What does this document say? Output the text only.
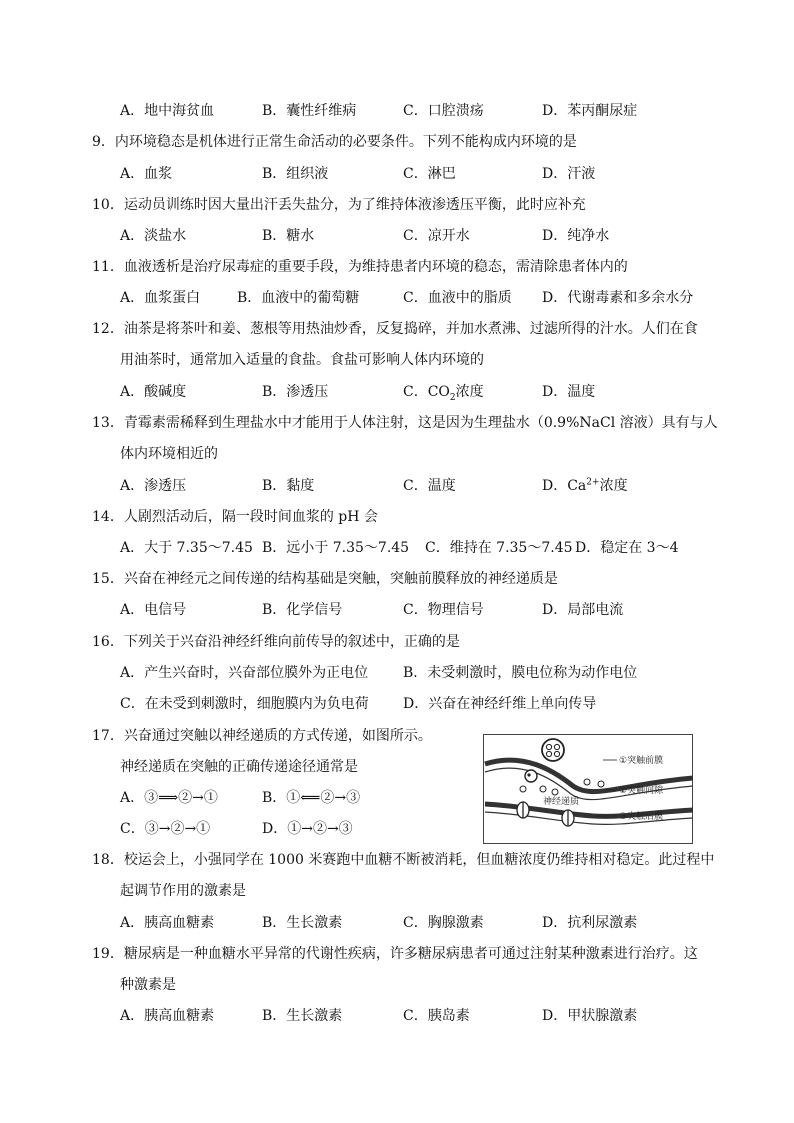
A．地中海贫血	B．囊性纤维病	C．口腔溃疡	D．苯丙酮尿症
9．内环境稳态是机体进行正常生命活动的必要条件。下列不能构成内环境的是
A．血浆	B．组织液	C．淋巴	D．汗液
10．运动员训练时因大量出汗丢失盐分，为了维持体液渗透压平衡，此时应补充
A．淡盐水	B．糖水	C．凉开水	D．纯净水
11．血液透析是治疗尿毒症的重要手段，为维持患者内环境的稳态，需清除患者体内的
A．血浆蛋白	B．血液中的葡萄糖	C．血液中的脂质 D．代谢毒素和多余水分
12．油茶是将茶叶和姜、葱根等用热油炒香，反复捣碎，并加水煮沸、过滤所得的汁水。人们在食
用油茶时，通常加入适量的食盐。食盐可影响人体内环境的
A．酸碱度	B．渗透压	C．$CO_2$浓度	D．温度
13．青霉素需稀释到生理盐水中才能用于人体注射，这是因为生理盐水（0.9%NaCl 溶液）具有与人
体内环境相近的
A．渗透压	B．黏度	C．温度	D．$Ca^{2+}$浓度
14．人剧烈活动后，隔一段时间血浆的 pH 会
A．大于 7.35～7.45 B．远小于 7.35～7.45 C．维持在 7.35～7.45 D．稳定在 3～4
15．兴奋在神经元之间传递的结构基础是突触，突触前膜释放的神经递质是
A．电信号	B．化学信号	C．物理信号	D．局部电流
16．下列关于兴奋沿神经纤维向前传导的叙述中，正确的是
A．产生兴奋时，兴奋部位膜外为正电位 B．未受刺激时，膜电位称为动作电位
C．在未受到刺激时，细胞膜内为负电荷 D．兴奋在神经纤维上单向传导
17．兴奋通过突触以神经递质的方式传递，如图所示。
神经递质在突触的正确传递途径通常是
A．③⟹②→①	B．①⟸②→③
C．③→②→①	D．①→②→③
神经递质
①突触前膜
②突触间隙
③突触后膜
18．校运会上，小强同学在 1000 米赛跑中血糖不断被消耗，但血糖浓度仍维持相对稳定。此过程中
起调节作用的激素是
A．胰高血糖素	B．生长激素	C．胸腺激素	D．抗利尿激素
19．糖尿病是一种血糖水平异常的代谢性疾病，许多糖尿病患者可通过注射某种激素进行治疗。这
种激素是
A．胰高血糖素	B．生长激素	C．胰岛素	D．甲状腺激素
